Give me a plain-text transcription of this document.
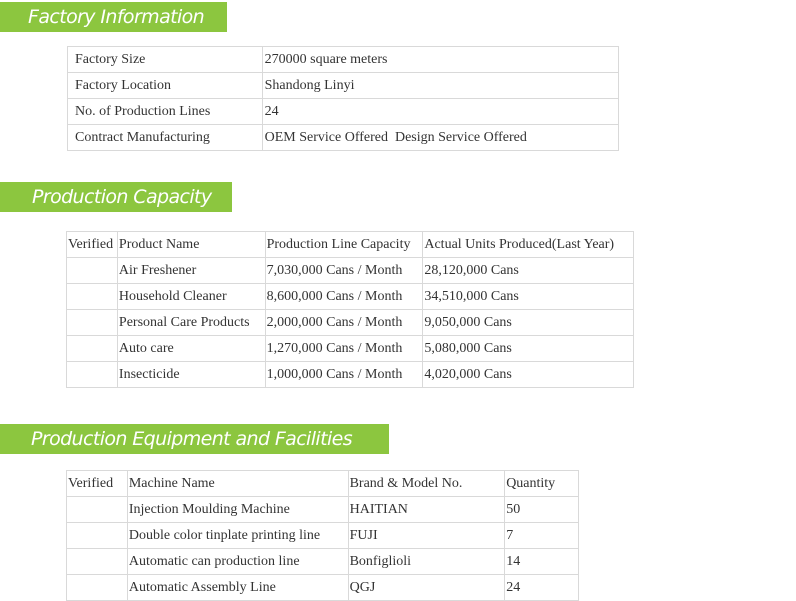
Factory Information
Factory Size	270000 square meters
Factory Location	Shandong Linyi
No. of Production Lines	24
Contract Manufacturing	OEM Service Offered  Design Service Offered
Production Capacity
Verified	Product Name	Production Line Capacity	Actual Units Produced(Last Year)
	Air Freshener	7,030,000 Cans / Month	28,120,000 Cans
	Household Cleaner	8,600,000 Cans / Month	34,510,000 Cans
	Personal Care Products	2,000,000 Cans / Month	9,050,000 Cans
	Auto care	1,270,000 Cans / Month	5,080,000 Cans
	Insecticide	1,000,000 Cans / Month	4,020,000 Cans
Production Equipment and Facilities
Verified	Machine Name	Brand & Model No.	Quantity
	Injection Moulding Machine	HAITIAN	50
	Double color tinplate printing line	FUJI	7
	Automatic can production line	Bonfiglioli	14
	Automatic Assembly Line	QGJ	24
